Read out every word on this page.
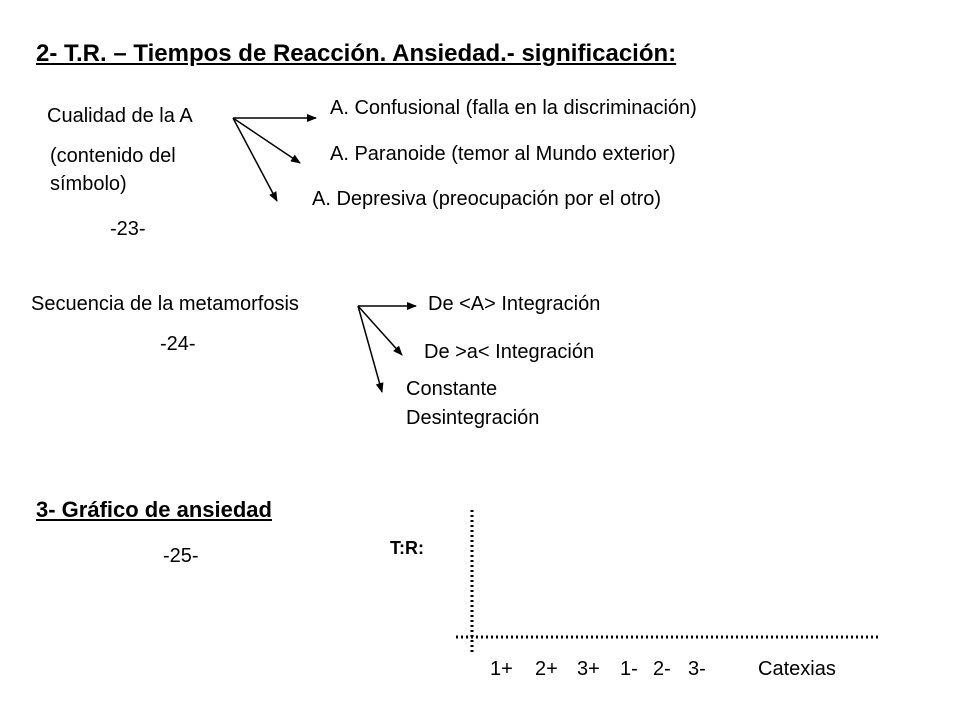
2- T.R. – Tiempos de Reacción. Ansiedad.- significación:
Cualidad de la A
(contenido del
símbolo)
A. Confusional (falla en la discriminación)
A. Paranoide (temor al Mundo exterior)
A. Depresiva (preocupación por el otro)
-23-
Secuencia de la metamorfosis	De <A> Integración
De >a< Integración
Constante
Desintegración
-24-
3- Gráfico de ansiedad
-25-	T:R:
1+ 2+ 3+ 1- 2- 3-	Catexias
